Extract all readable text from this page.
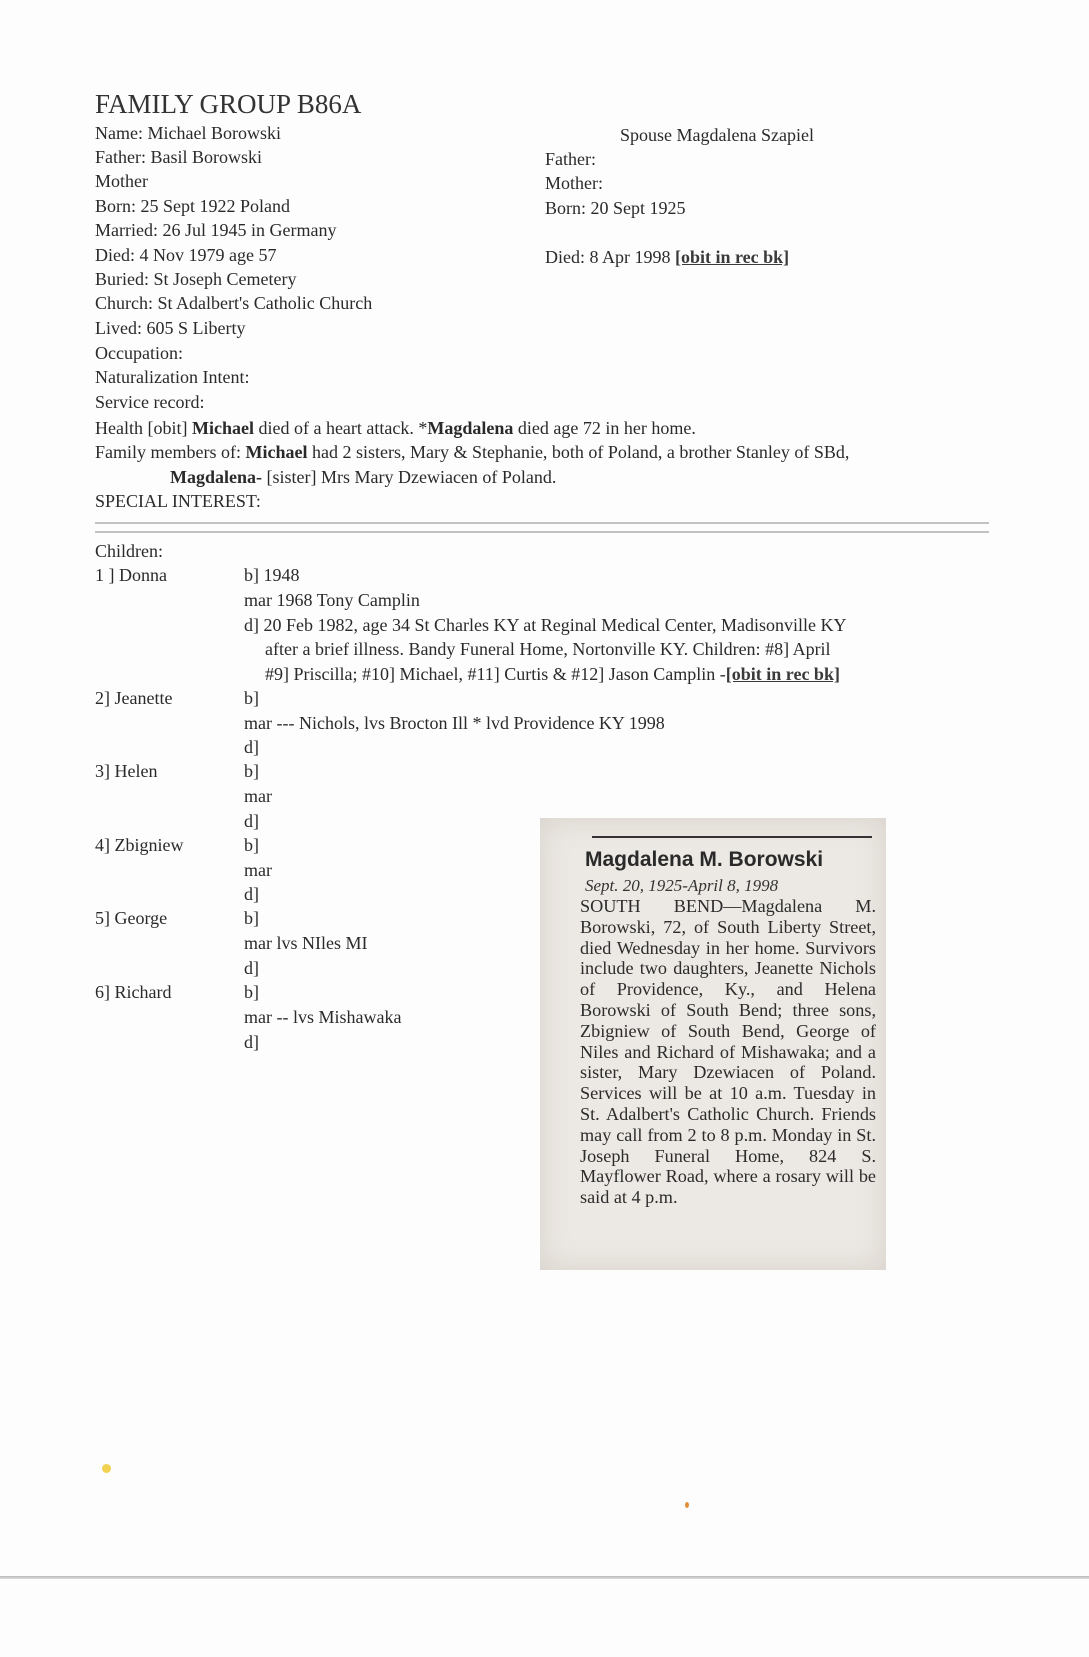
FAMILY GROUP B86A
Name: Michael Borowski
Father: Basil Borowski
Mother
Born: 25 Sept 1922 Poland
Married: 26 Jul 1945 in Germany
Died: 4 Nov 1979 age 57
Buried: St Joseph Cemetery
Church: St Adalbert's Catholic Church
Lived: 605 S Liberty
Occupation:
Naturalization Intent:
Service record:
Spouse Magdalena Szapiel
Father:
Mother:
Born: 20 Sept 1925
Died: 8 Apr 1998 [obit in rec bk]
Health [obit] Michael died of a heart attack. *Magdalena died age 72 in her home.
Family members of: Michael had 2 sisters, Mary & Stephanie, both of Poland, a brother Stanley of SBd,
Magdalena- [sister] Mrs Mary Dzewiacen of Poland.
SPECIAL INTEREST:
Children:
1 ] Donna	b] 1948
mar 1968 Tony Camplin
d] 20 Feb 1982, age 34 St Charles KY at Reginal Medical Center, Madisonville KY
after a brief illness. Bandy Funeral Home, Nortonville KY. Children: #8] April
#9] Priscilla; #10] Michael, #11] Curtis & #12] Jason Camplin -[obit in rec bk]
2] Jeanette	b]
mar --- Nichols, lvs Brocton Ill * lvd Providence KY 1998
d]
3] Helen	b]
mar
d]
4] Zbigniew	b]
mar
d]
5] George	b]
mar lvs NIles MI
d]
6] Richard	b]
mar -- lvs Mishawaka
d]
Magdalena M. Borowski
Sept. 20, 1925-April 8, 1998
SOUTH BEND—Magdalena M. Borowski, 72, of South Liberty Street, died Wednesday in her home. Survivors include two daughters, Jeanette Nichols of Providence, Ky., and Helena Borowski of South Bend; three sons, Zbigniew of South Bend, George of Niles and Richard of Mishawaka; and a sister, Mary Dzewiacen of Poland. Services will be at 10 a.m. Tuesday in St. Adalbert's Catholic Church. Friends may call from 2 to 8 p.m. Monday in St. Joseph Funeral Home, 824 S. Mayflower Road, where a rosary will be said at 4 p.m.
